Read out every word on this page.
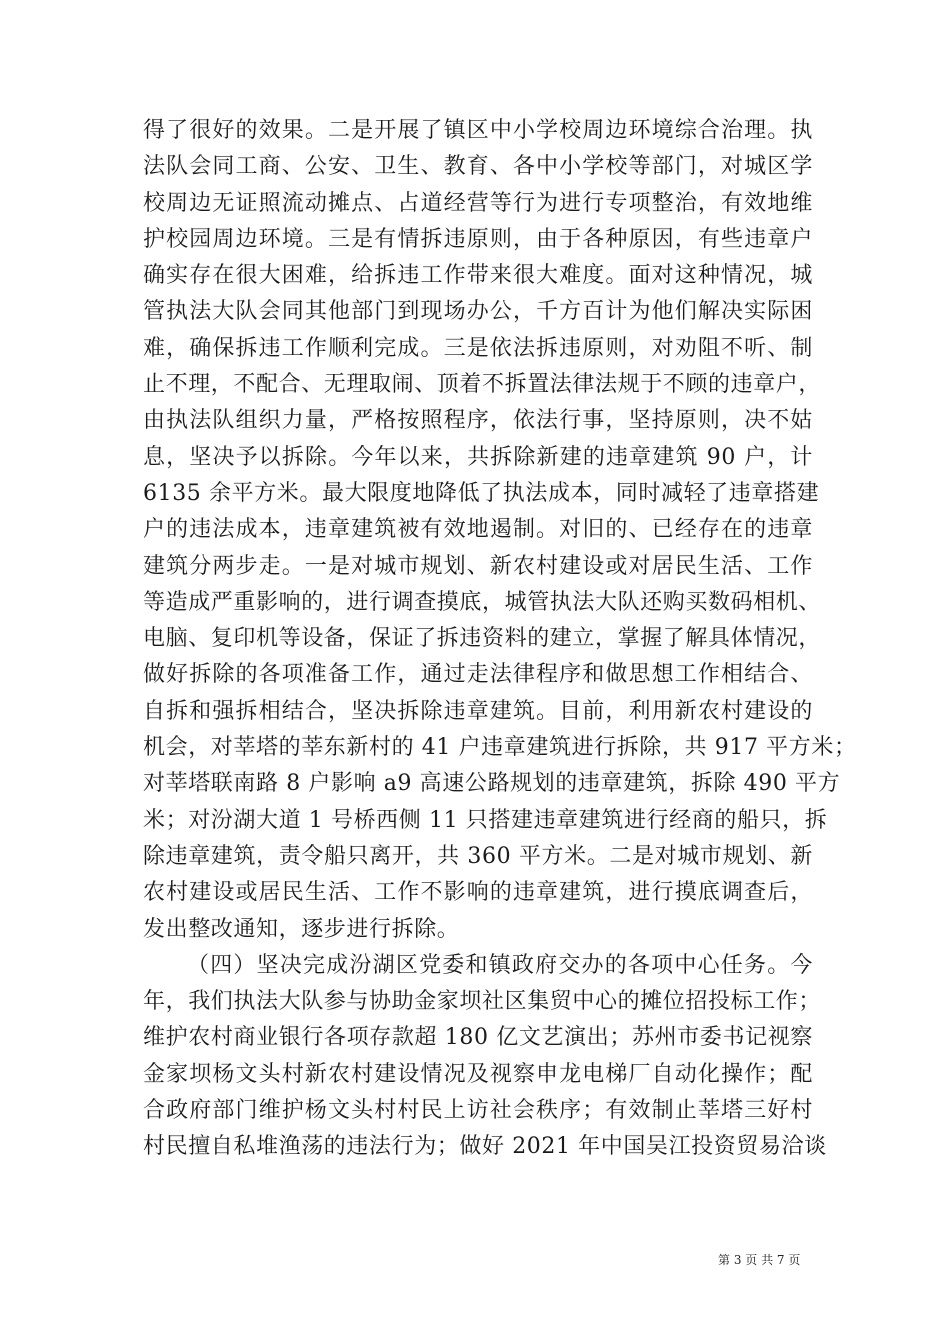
得了很好的效果。二是开展了镇区中小学校周边环境综合治理。执
法队会同工商、公安、卫生、教育、各中小学校等部门，对城区学
校周边无证照流动摊点、占道经营等行为进行专项整治，有效地维
护校园周边环境。三是有情拆违原则，由于各种原因，有些违章户
确实存在很大困难，给拆违工作带来很大难度。面对这种情况，城
管执法大队会同其他部门到现场办公，千方百计为他们解决实际困
难，确保拆违工作顺利完成。三是依法拆违原则，对劝阻不听、制
止不理，不配合、无理取闹、顶着不拆置法律法规于不顾的违章户，
由执法队组织力量，严格按照程序，依法行事，坚持原则，决不姑
息，坚决予以拆除。今年以来，共拆除新建的违章建筑 90 户，计
6135 余平方米。最大限度地降低了执法成本，同时减轻了违章搭建
户的违法成本，违章建筑被有效地遏制。对旧的、已经存在的违章
建筑分两步走。一是对城市规划、新农村建设或对居民生活、工作
等造成严重影响的，进行调查摸底，城管执法大队还购买数码相机、
电脑、复印机等设备，保证了拆违资料的建立，掌握了解具体情况，
做好拆除的各项准备工作，通过走法律程序和做思想工作相结合、
自拆和强拆相结合，坚决拆除违章建筑。目前，利用新农村建设的
机会，对莘塔的莘东新村的 41 户违章建筑进行拆除，共 917 平方米；
对莘塔联南路 8 户影响 a9 高速公路规划的违章建筑，拆除 490 平方
米；对汾湖大道 1 号桥西侧 11 只搭建违章建筑进行经商的船只，拆
除违章建筑，责令船只离开，共 360 平方米。二是对城市规划、新
农村建设或居民生活、工作不影响的违章建筑，进行摸底调查后，
发出整改通知，逐步进行拆除。
（四）坚决完成汾湖区党委和镇政府交办的各项中心任务。今
年，我们执法大队参与协助金家坝社区集贸中心的摊位招投标工作；
维护农村商业银行各项存款超 180 亿文艺演出；苏州市委书记视察
金家坝杨文头村新农村建设情况及视察申龙电梯厂自动化操作；配
合政府部门维护杨文头村村民上访社会秩序；有效制止莘塔三好村
村民擅自私堆渔荡的违法行为；做好 2021 年中国吴江投资贸易洽谈
第 3 页 共 7 页
